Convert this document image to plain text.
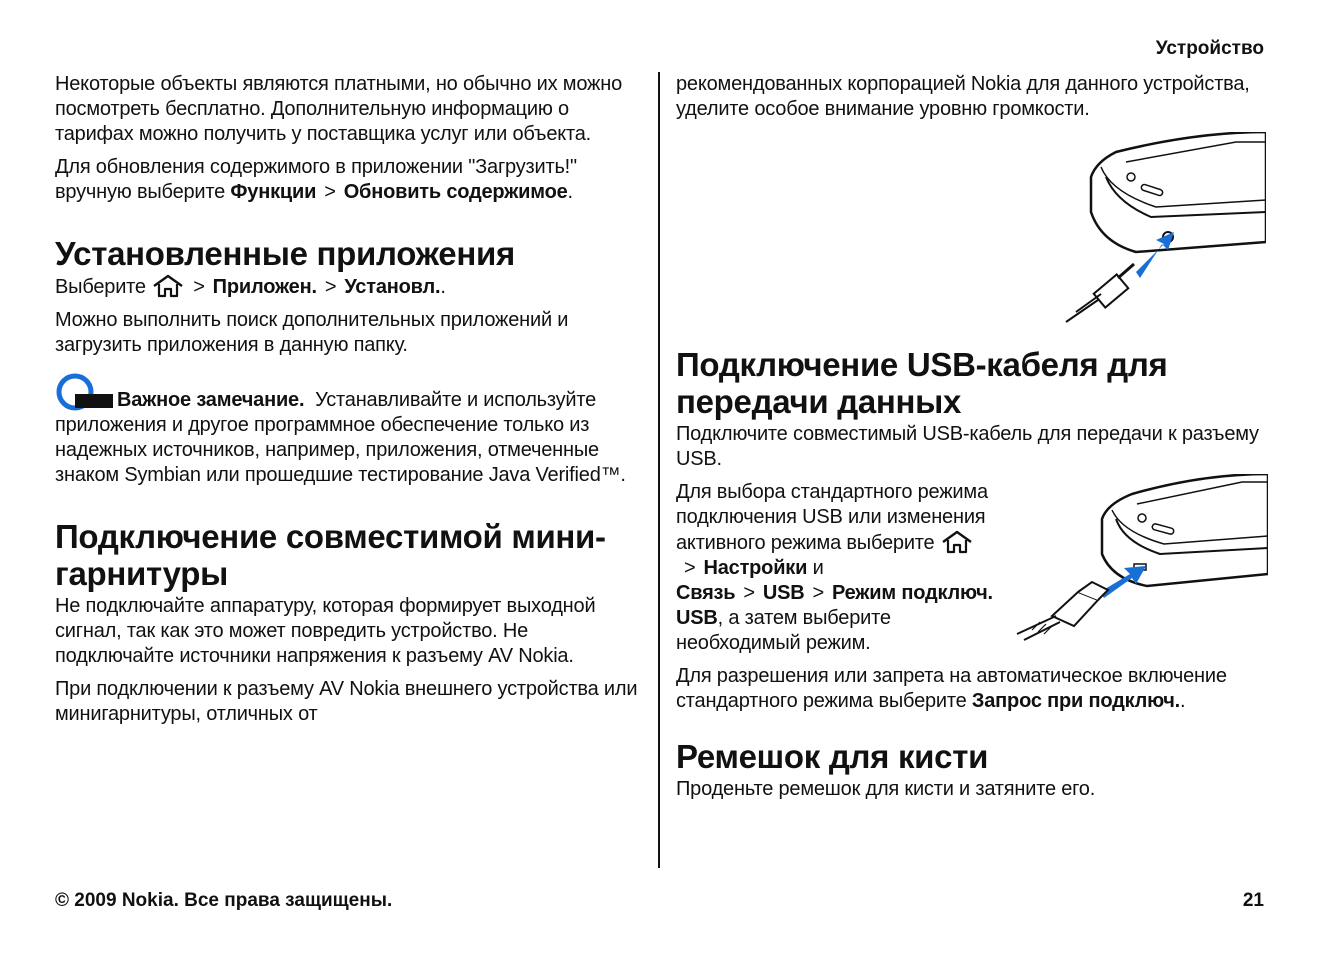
Устройство

Некоторые объекты являются платными, но обычно их можно посмотреть бесплатно. Дополнительную информацию о тарифах можно получить у поставщика услуг или объекта.

Для обновления содержимого в приложении "Загрузить!" вручную выберите Функции > Обновить содержимое.

Установленные приложения

Выберите > Приложен. > Установл..

Можно выполнить поиск дополнительных приложений и загрузить приложения в данную папку.

Важное замечание. Устанавливайте и используйте приложения и другое программное обеспечение только из надежных источников, например, приложения, отмеченные знаком Symbian или прошедшие тестирование Java Verified™.

Подключение совместимой мини-гарнитуры

Не подключайте аппаратуру, которая формирует выходной сигнал, так как это может повредить устройство. Не подключайте источники напряжения к разъему AV Nokia.

При подключении к разъему AV Nokia внешнего устройства или минигарнитуры, отличных от

рекомендованных корпорацией Nokia для данного устройства, уделите особое внимание уровню громкости.

Подключение USB-кабеля для передачи данных

Подключите совместимый USB-кабель для передачи к разъему USB.

Для выбора стандартного режима подключения USB или изменения активного режима выберите > Настройки и Связь > USB > Режим подключ. USB, а затем выберите необходимый режим.

Для разрешения или запрета на автоматическое включение стандартного режима выберите Запрос при подключ..

Ремешок для кисти

Проденьте ремешок для кисти и затяните его.

© 2009 Nokia. Все права защищены.	21
